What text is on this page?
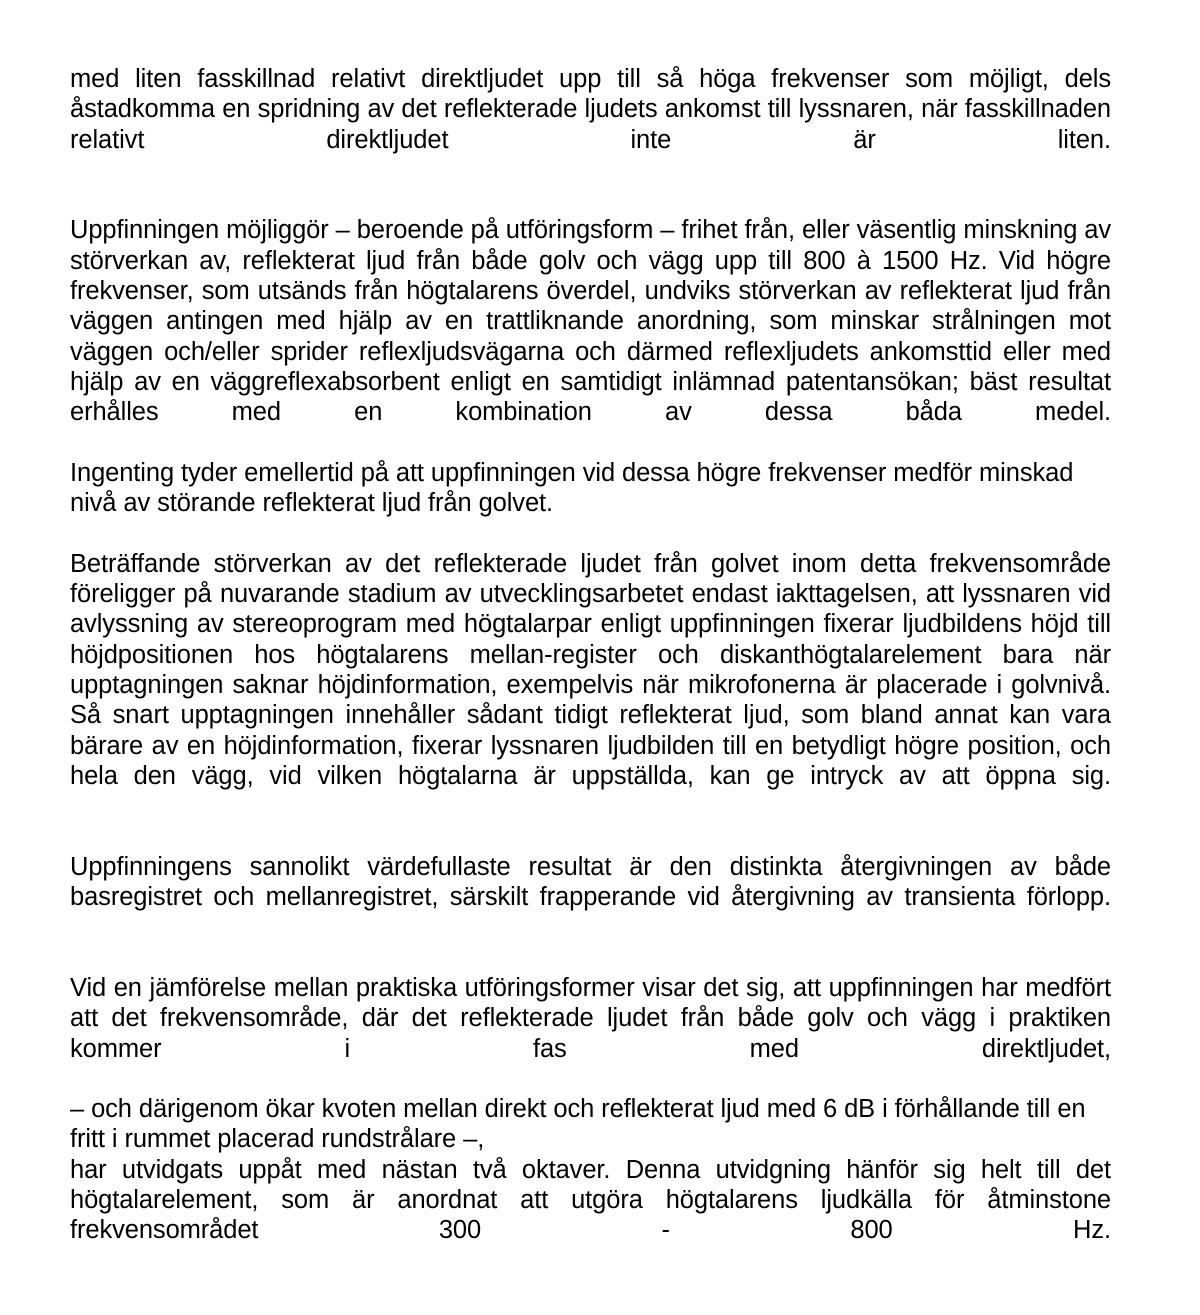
med liten fasskillnad relativt direktljudet upp till så höga frekvenser som möjligt, dels åstadkomma en spridning av det reflekterade ljudets ankomst till lyssnaren, när fasskillnaden relativt direktljudet inte är liten.

Uppfinningen möjliggör – beroende på utföringsform – frihet från, eller väsentlig minskning av störverkan av, reflekterat ljud från både golv och vägg upp till 800 à 1500 Hz. Vid högre frekvenser, som utsänds från högtalarens överdel, undviks störverkan av reflekterat ljud från väggen antingen med hjälp av en trattliknande anordning, som minskar strålningen mot väggen och/eller sprider reflexljudsvägarna och därmed reflexljudets ankomsttid eller med hjälp av en väggreflexabsorbent enligt en samtidigt inlämnad patentansökan; bäst resultat erhålles med en kombination av dessa båda medel.

Ingenting tyder emellertid på att uppfinningen vid dessa högre frekvenser medför minskad nivå av störande reflekterat ljud från golvet.

Beträffande störverkan av det reflekterade ljudet från golvet inom detta frekvensområde föreligger på nuvarande stadium av utvecklingsarbetet endast iakttagelsen, att lyssnaren vid avlyssning av stereoprogram med högtalarpar enligt uppfinningen fixerar ljudbildens höjd till höjdpositionen hos högtalarens mellan-register och diskanthögtalarelement bara när upptagningen saknar höjdinformation, exempelvis när mikrofonerna är placerade i golvnivå. Så snart upptagningen innehåller sådant tidigt reflekterat ljud, som bland annat kan vara bärare av en höjdinformation, fixerar lyssnaren ljudbilden till en betydligt högre position, och hela den vägg, vid vilken högtalarna är uppställda, kan ge intryck av att öppna sig.

Uppfinningens sannolikt värdefullaste resultat är den distinkta återgivningen av både basregistret och mellanregistret, särskilt frapperande vid återgivning av transienta förlopp.

Vid en jämförelse mellan praktiska utföringsformer visar det sig, att uppfinningen har medfört att det frekvensområde, där det reflekterade ljudet från både golv och vägg i praktiken kommer i fas med direktljudet,

– och därigenom ökar kvoten mellan direkt och reflekterat ljud med 6 dB i förhållande till en fritt i rummet placerad rundstrålare –,

har utvidgats uppåt med nästan två oktaver. Denna utvidgning hänför sig helt till det högtalarelement, som är anordnat att utgöra högtalarens ljudkälla för åtminstone frekvensområdet 300 - 800 Hz.
